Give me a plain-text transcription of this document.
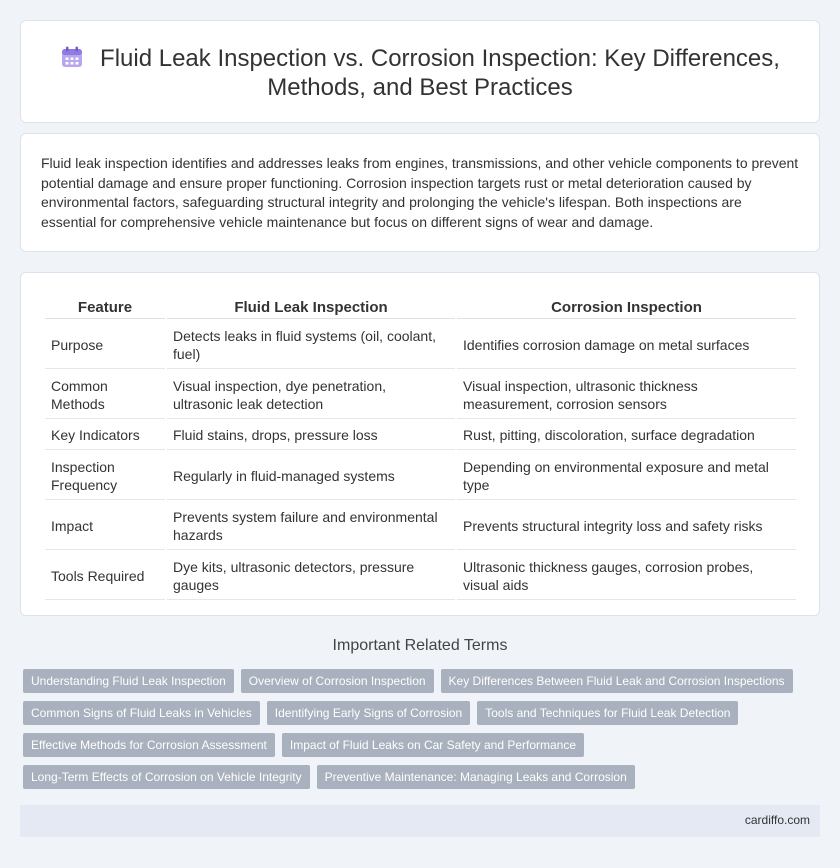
Fluid Leak Inspection vs. Corrosion Inspection: Key Differences,
Methods, and Best Practices

Fluid leak inspection identifies and addresses leaks from engines, transmissions, and other vehicle components to prevent potential damage and ensure proper functioning. Corrosion inspection targets rust or metal deterioration caused by environmental factors, safeguarding structural integrity and prolonging the vehicle's lifespan. Both inspections are essential for comprehensive vehicle maintenance but focus on different signs of wear and damage.

Feature	Fluid Leak Inspection	Corrosion Inspection
Purpose	Detects leaks in fluid systems (oil, coolant, fuel)	Identifies corrosion damage on metal surfaces
Common Methods	Visual inspection, dye penetration, ultrasonic leak detection	Visual inspection, ultrasonic thickness measurement, corrosion sensors
Key Indicators	Fluid stains, drops, pressure loss	Rust, pitting, discoloration, surface degradation
Inspection Frequency	Regularly in fluid-managed systems	Depending on environmental exposure and metal type
Impact	Prevents system failure and environmental hazards	Prevents structural integrity loss and safety risks
Tools Required	Dye kits, ultrasonic detectors, pressure gauges	Ultrasonic thickness gauges, corrosion probes, visual aids
Important Related Terms
Understanding Fluid Leak Inspection	Overview of Corrosion Inspection	Key Differences Between Fluid Leak and Corrosion Inspections
Common Signs of Fluid Leaks in Vehicles	Identifying Early Signs of Corrosion	Tools and Techniques for Fluid Leak Detection
Effective Methods for Corrosion Assessment	Impact of Fluid Leaks on Car Safety and Performance
Long-Term Effects of Corrosion on Vehicle Integrity	Preventive Maintenance: Managing Leaks and Corrosion
cardiffo.com
